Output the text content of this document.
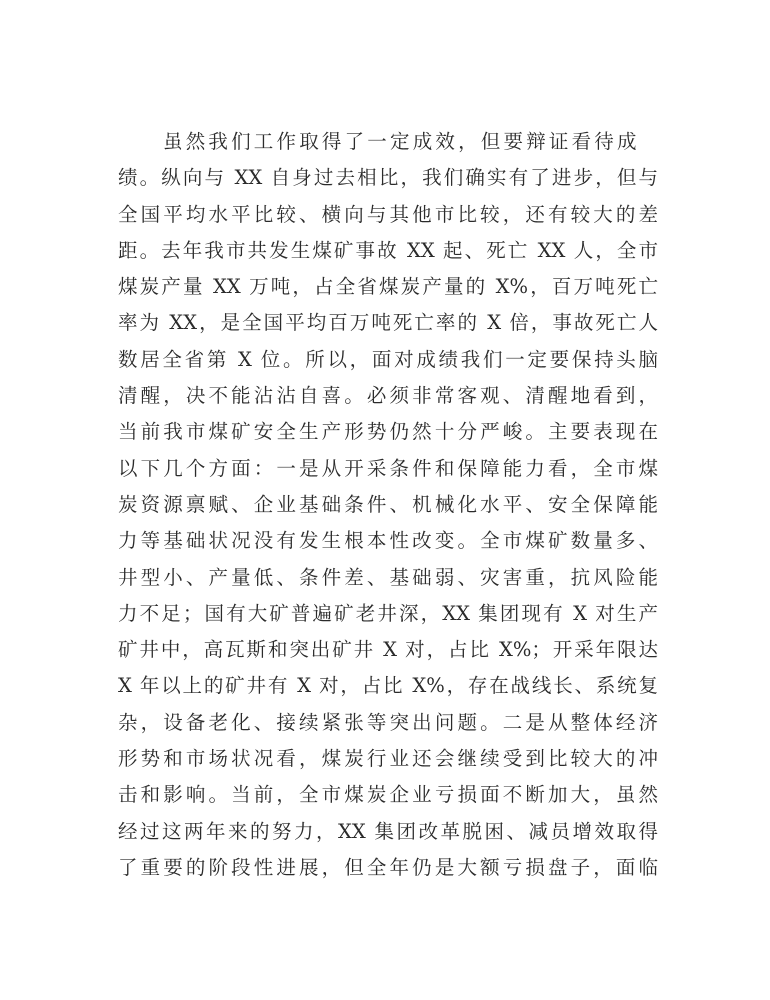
虽然我们工作取得了一定成效，但要辩证看待成
绩。纵向与 XX 自身过去相比，我们确实有了进步，但与
全国平均水平比较、横向与其他市比较，还有较大的差
距。去年我市共发生煤矿事故 XX 起、死亡 XX 人，全市
煤炭产量 XX 万吨，占全省煤炭产量的 X%，百万吨死亡
率为 XX，是全国平均百万吨死亡率的 X 倍，事故死亡人
数居全省第 X 位。所以，面对成绩我们一定要保持头脑
清醒，决不能沾沾自喜。必须非常客观、清醒地看到，
当前我市煤矿安全生产形势仍然十分严峻。主要表现在
以下几个方面：一是从开采条件和保障能力看，全市煤
炭资源禀赋、企业基础条件、机械化水平、安全保障能
力等基础状况没有发生根本性改变。全市煤矿数量多、
井型小、产量低、条件差、基础弱、灾害重，抗风险能
力不足；国有大矿普遍矿老井深，XX 集团现有 X 对生产
矿井中，高瓦斯和突出矿井 X 对，占比 X%；开采年限达
X 年以上的矿井有 X 对，占比 X%，存在战线长、系统复
杂，设备老化、接续紧张等突出问题。二是从整体经济
形势和市场状况看，煤炭行业还会继续受到比较大的冲
击和影响。当前，全市煤炭企业亏损面不断加大，虽然
经过这两年来的努力，XX 集团改革脱困、减员增效取得
了重要的阶段性进展，但全年仍是大额亏损盘子，面临
